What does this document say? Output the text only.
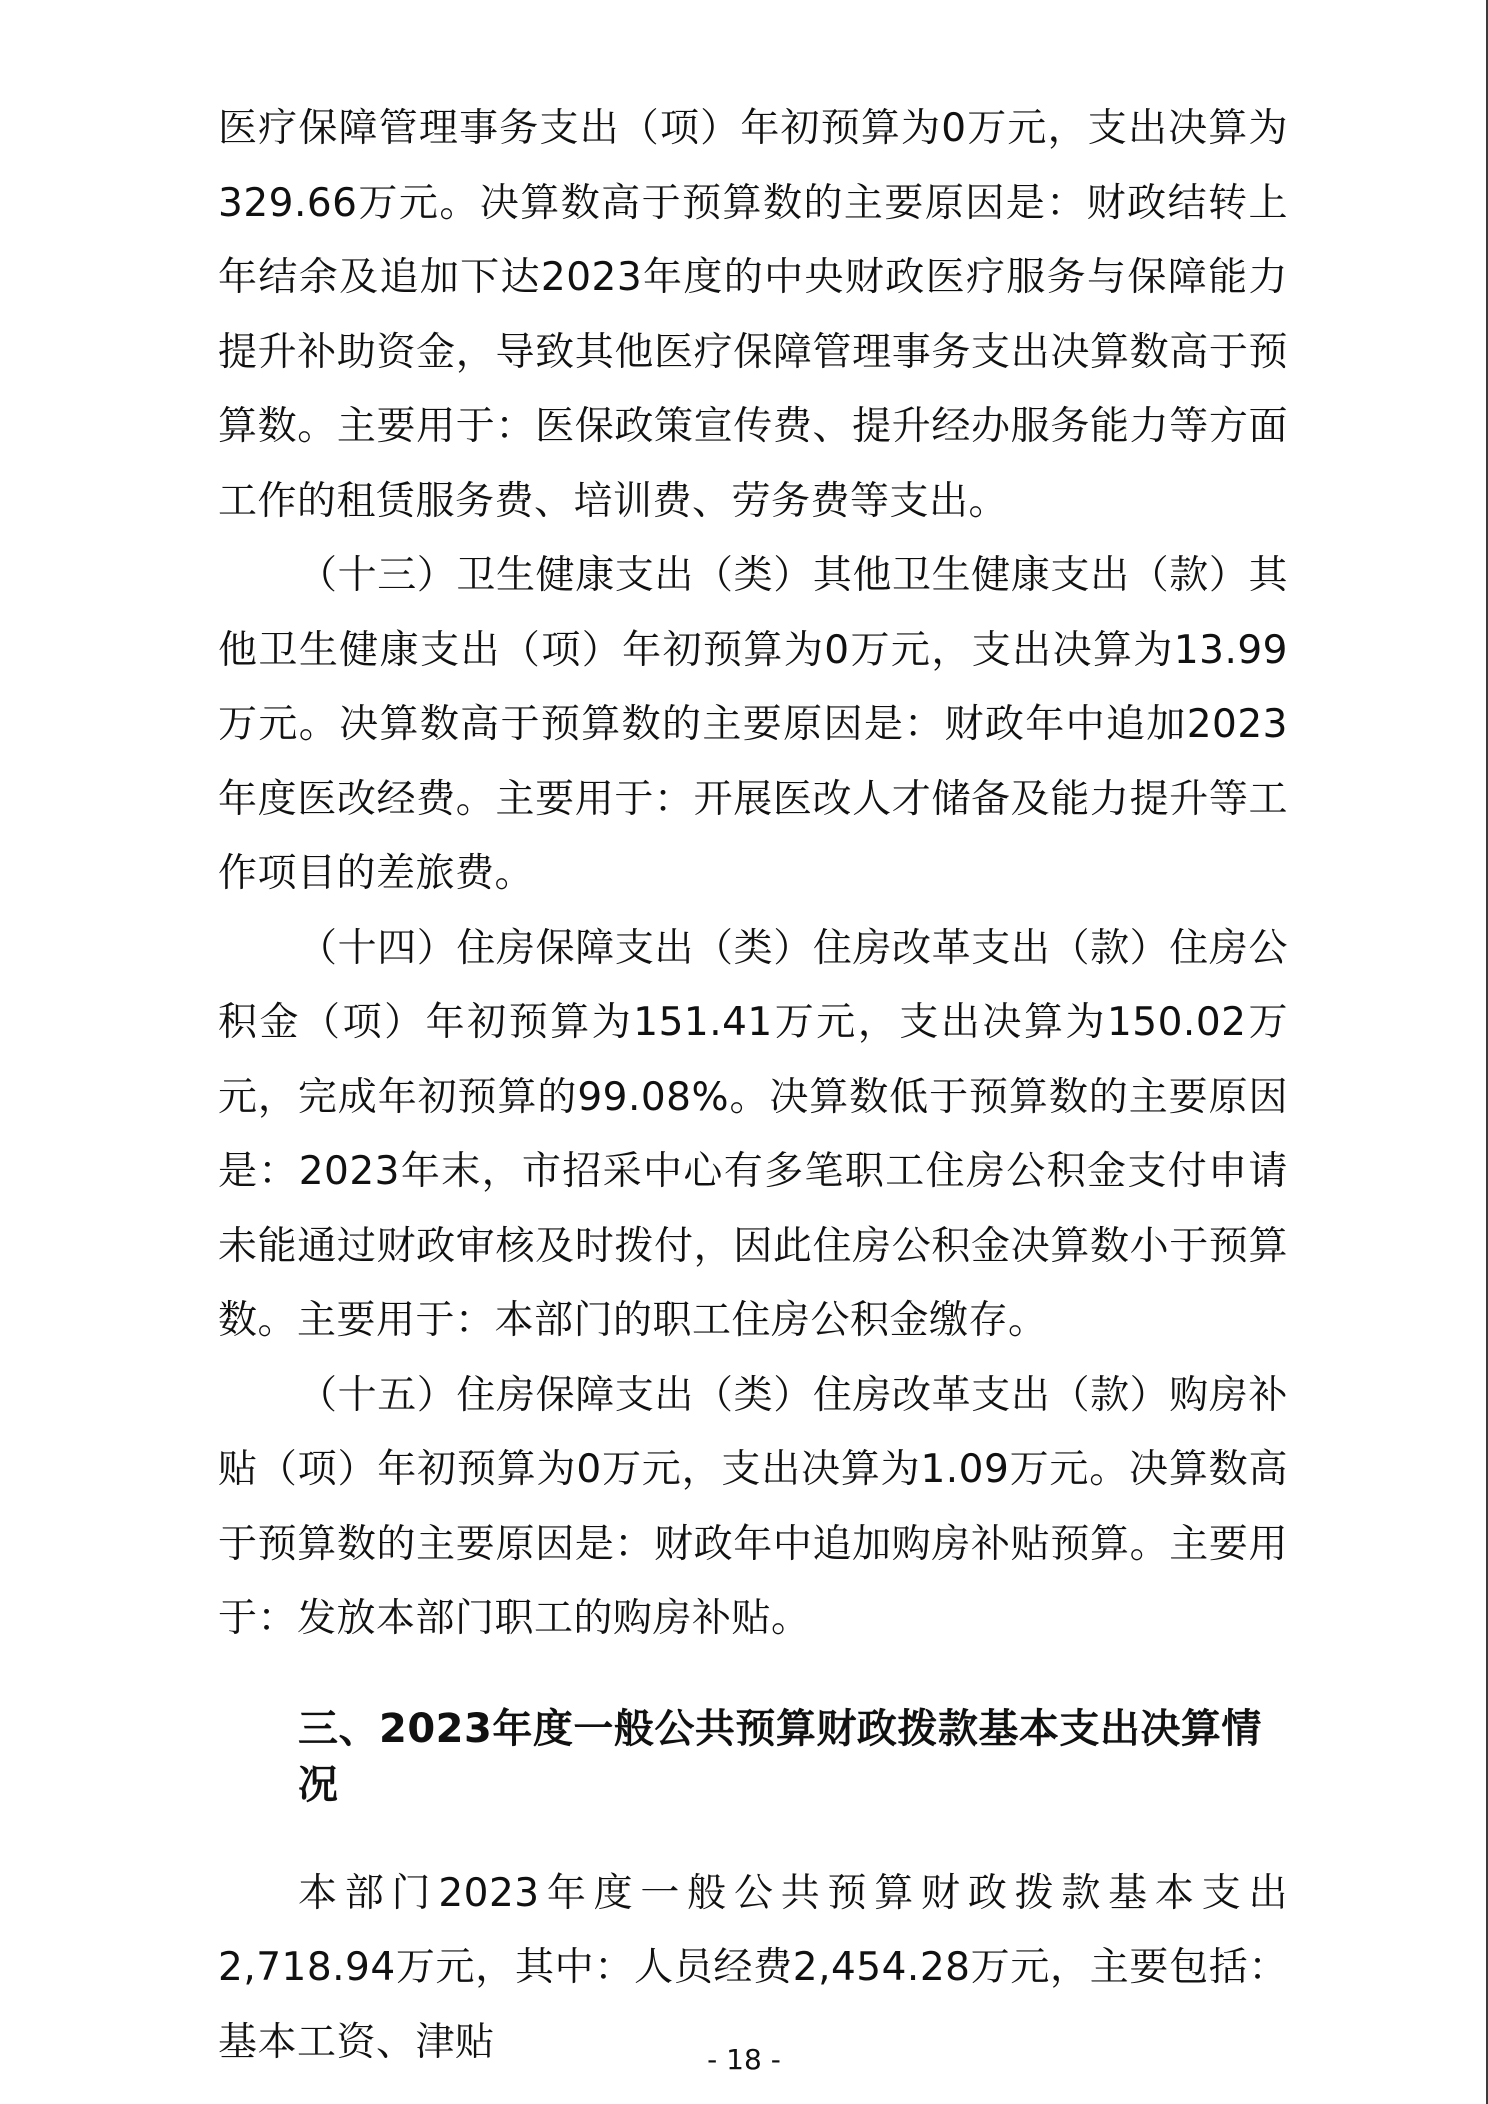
医疗保障管理事务支出（项）年初预算为0万元，支出决算为329.66万元。决算数高于预算数的主要原因是：财政结转上年结余及追加下达2023年度的中央财政医疗服务与保障能力提升补助资金，导致其他医疗保障管理事务支出决算数高于预算数。主要用于：医保政策宣传费、提升经办服务能力等方面工作的租赁服务费、培训费、劳务费等支出。

（十三）卫生健康支出（类）其他卫生健康支出（款）其他卫生健康支出（项）年初预算为0万元，支出决算为13.99万元。决算数高于预算数的主要原因是：财政年中追加2023年度医改经费。主要用于：开展医改人才储备及能力提升等工作项目的差旅费。

（十四）住房保障支出（类）住房改革支出（款）住房公积金（项）年初预算为151.41万元，支出决算为150.02万元，完成年初预算的99.08%。决算数低于预算数的主要原因是：2023年末，市招采中心有多笔职工住房公积金支付申请未能通过财政审核及时拨付，因此住房公积金决算数小于预算数。主要用于：本部门的职工住房公积金缴存。

（十五）住房保障支出（类）住房改革支出（款）购房补贴（项）年初预算为0万元，支出决算为1.09万元。决算数高于预算数的主要原因是：财政年中追加购房补贴预算。主要用于：发放本部门职工的购房补贴。

三、2023年度一般公共预算财政拨款基本支出决算情况

本部门2023年度一般公共预算财政拨款基本支出2,718.94万元，其中：人员经费2,454.28万元，主要包括：基本工资、津贴	- 18 -
